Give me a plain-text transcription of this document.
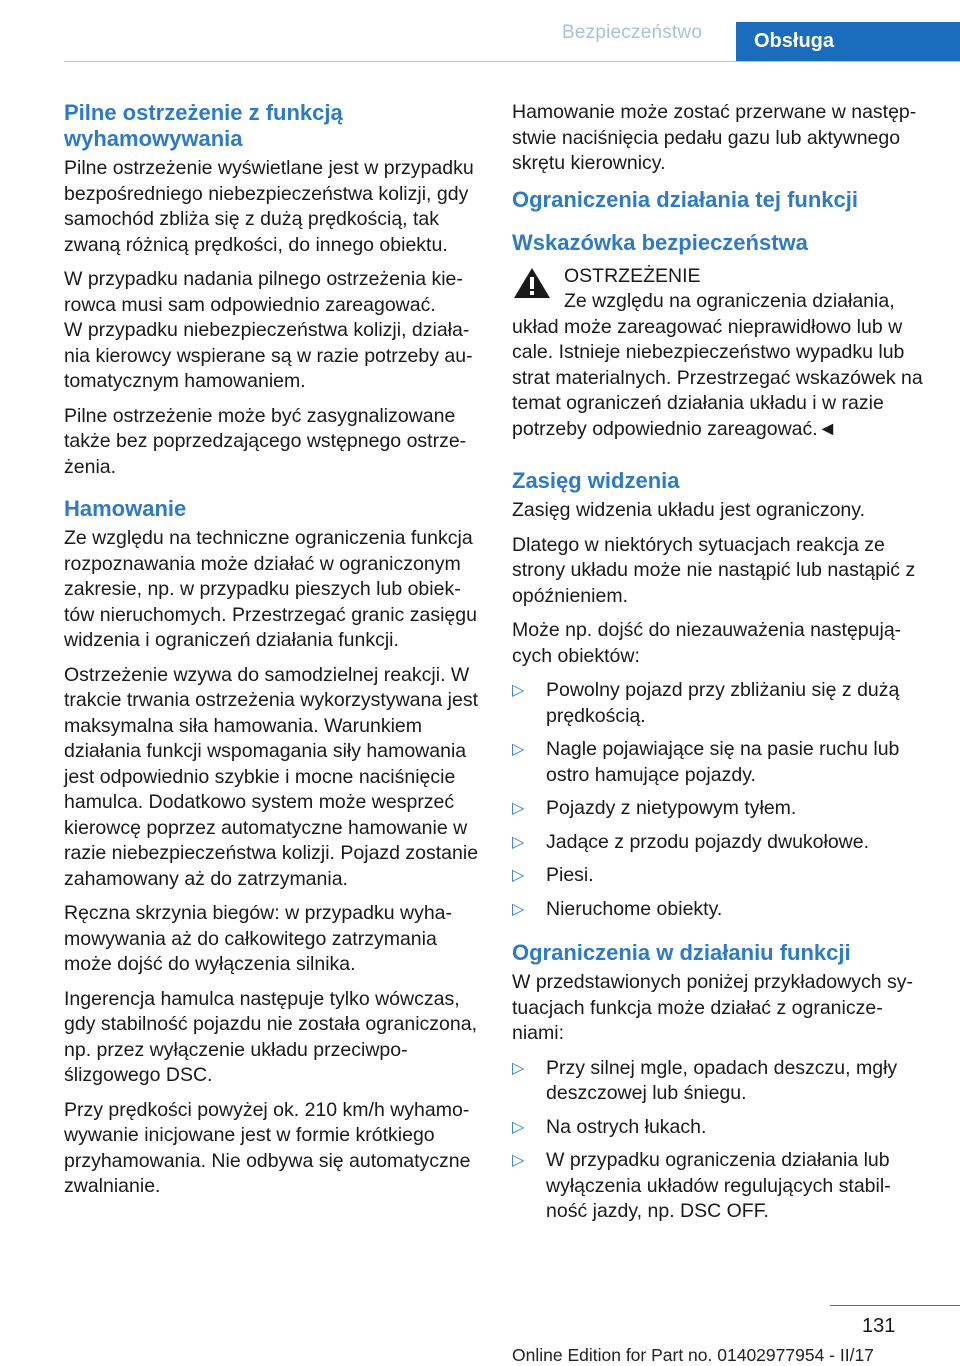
Bezpieczeństwo	Obsługa
Pilne ostrzeżenie z funkcją wyhamowywania

Pilne ostrzeżenie wyświetlane jest w przypadku bezpośredniego niebezpieczeństwa kolizji, gdy samochód zbliża się z dużą prędkością, tak zwaną różnicą prędkości, do innego obiektu.

W przypadku nadania pilnego ostrzeżenia kierowca musi sam odpowiednio zareagować.

W przypadku niebezpieczeństwa kolizji, działania kierowcy wspierane są w razie potrzeby automatycznym hamowaniem.

Pilne ostrzeżenie może być zasygnalizowane także bez poprzedzającego wstępnego ostrzeżenia.

Hamowanie

Ze względu na techniczne ograniczenia funkcja rozpoznawania może działać w ograniczonym zakresie, np. w przypadku pieszych lub obiektów nieruchomych. Przestrzegać granic zasięgu widzenia i ograniczeń działania funkcji.

Ostrzeżenie wzywa do samodzielnej reakcji. W trakcie trwania ostrzeżenia wykorzystywana jest maksymalna siła hamowania. Warunkiem działania funkcji wspomagania siły hamowania jest odpowiednio szybkie i mocne naciśnięcie hamulca. Dodatkowo system może wesprzeć kierowcę poprzez automatyczne hamowanie w razie niebezpieczeństwa kolizji. Pojazd zostanie zahamowany aż do zatrzymania.

Ręczna skrzynia biegów: w przypadku wyhamowywania aż do całkowitego zatrzymania może dojść do wyłączenia silnika.

Ingerencja hamulca następuje tylko wówczas, gdy stabilność pojazdu nie została ograniczona, np. przez wyłączenie układu przeciwpoślizgowego DSC.

Przy prędkości powyżej ok. 210 km/h wyhamowywanie inicjowane jest w formie krótkiego przyhamowania. Nie odbywa się automatyczne zwalnianie.

Hamowanie może zostać przerwane w następstwie naciśnięcia pedału gazu lub aktywnego skrętu kierownicy.

Ograniczenia działania tej funkcji
Wskazówka bezpieczeństwa

OSTRZEŻENIE
Ze względu na ograniczenia działania,
układ może zareagować nieprawidłowo lub w cale. Istnieje niebezpieczeństwo wypadku lub strat materialnych. Przestrzegać wskazówek na temat ograniczeń działania układu i w razie potrzeby odpowiednio zareagować.◄

Zasięg widzenia

Zasięg widzenia układu jest ograniczony.

Dlatego w niektórych sytuacjach reakcja ze strony układu może nie nastąpić lub nastąpić z opóźnieniem.

Może np. dojść do niezauważenia następujących obiektów:

▷ Powolny pojazd przy zbliżaniu się z dużą prędkością.
▷ Nagle pojawiające się na pasie ruchu lub ostro hamujące pojazdy.
▷ Pojazdy z nietypowym tyłem.
▷ Jadące z przodu pojazdy dwukołowe.
▷ Piesi.
▷ Nieruchome obiekty.
Ograniczenia w działaniu funkcji

W przedstawionych poniżej przykładowych sytuacjach funkcja może działać z ograniczeniami:

▷ Przy silnej mgle, opadach deszczu, mgły deszczowej lub śniegu.
▷ Na ostrych łukach.
▷ W przypadku ograniczenia działania lub wyłączenia układów regulujących stabilność jazdy, np. DSC OFF.
131
Online Edition for Part no. 01402977954 - II/17
